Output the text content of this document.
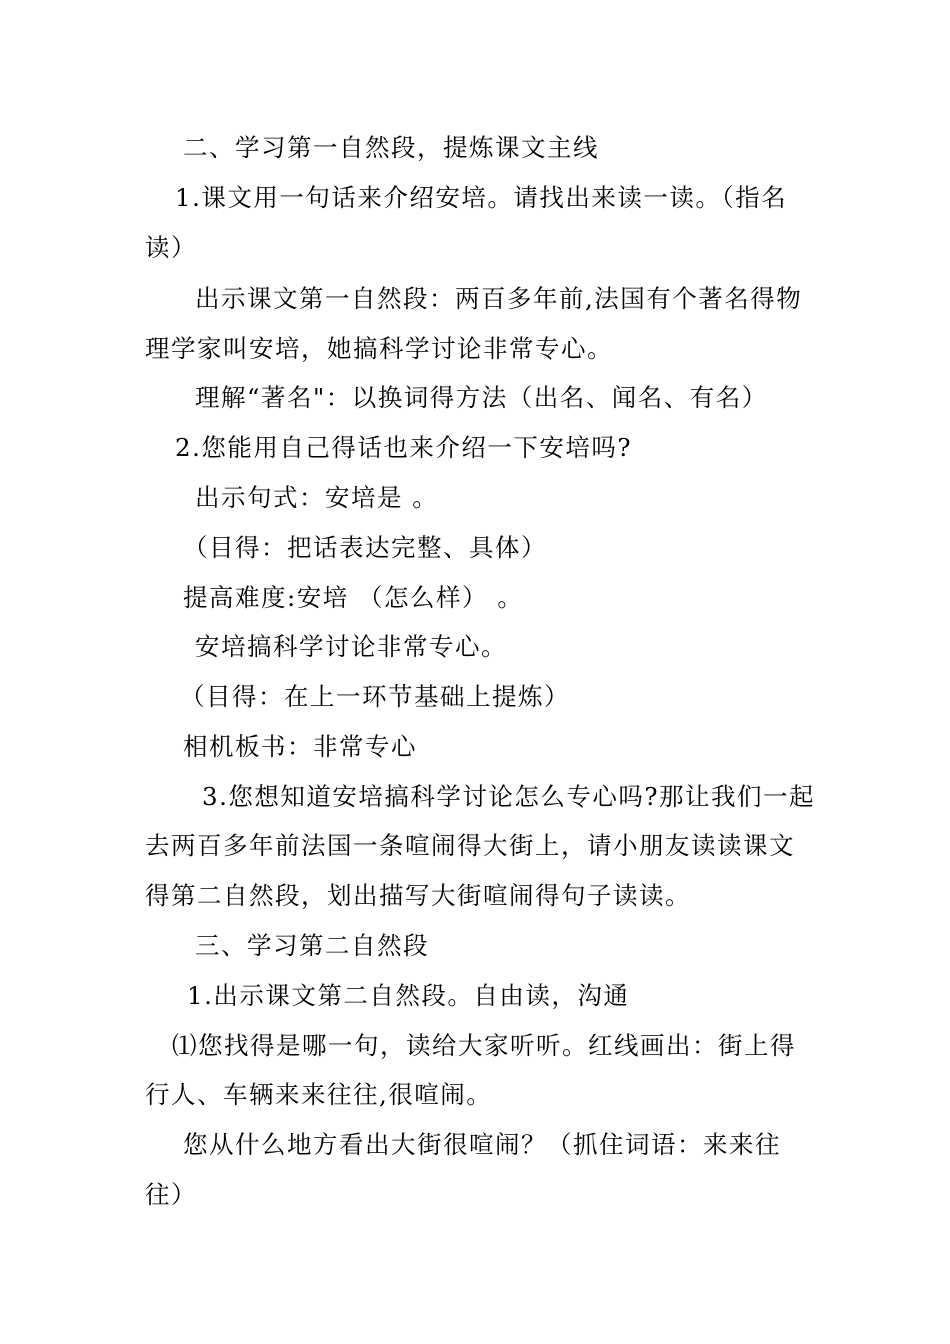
二、学习第一自然段，提炼课文主线
1.课文用一句话来介绍安培。请找出来读一读。（指名
读）
出示课文第一自然段：两百多年前,法国有个著名得物
理学家叫安培，她搞科学讨论非常专心。
理解“著名"：以换词得方法（出名、闻名、有名）
2.您能用自己得话也来介绍一下安培吗?
出示句式：安培是 。
（目得：把话表达完整、具体）
提高难度:安培 （怎么样） 。
安培搞科学讨论非常专心。
（目得：在上一环节基础上提炼）
相机板书：非常专心
3.您想知道安培搞科学讨论怎么专心吗?那让我们一起
去两百多年前法国一条喧闹得大街上，请小朋友读读课文
得第二自然段，划出描写大街喧闹得句子读读。
三、学习第二自然段
1.出示课文第二自然段。自由读，沟通
⑴您找得是哪一句，读给大家听听。红线画出：街上得
行人、车辆来来往往,很喧闹。
您从什么地方看出大街很喧闹？（抓住词语：来来往
往）
